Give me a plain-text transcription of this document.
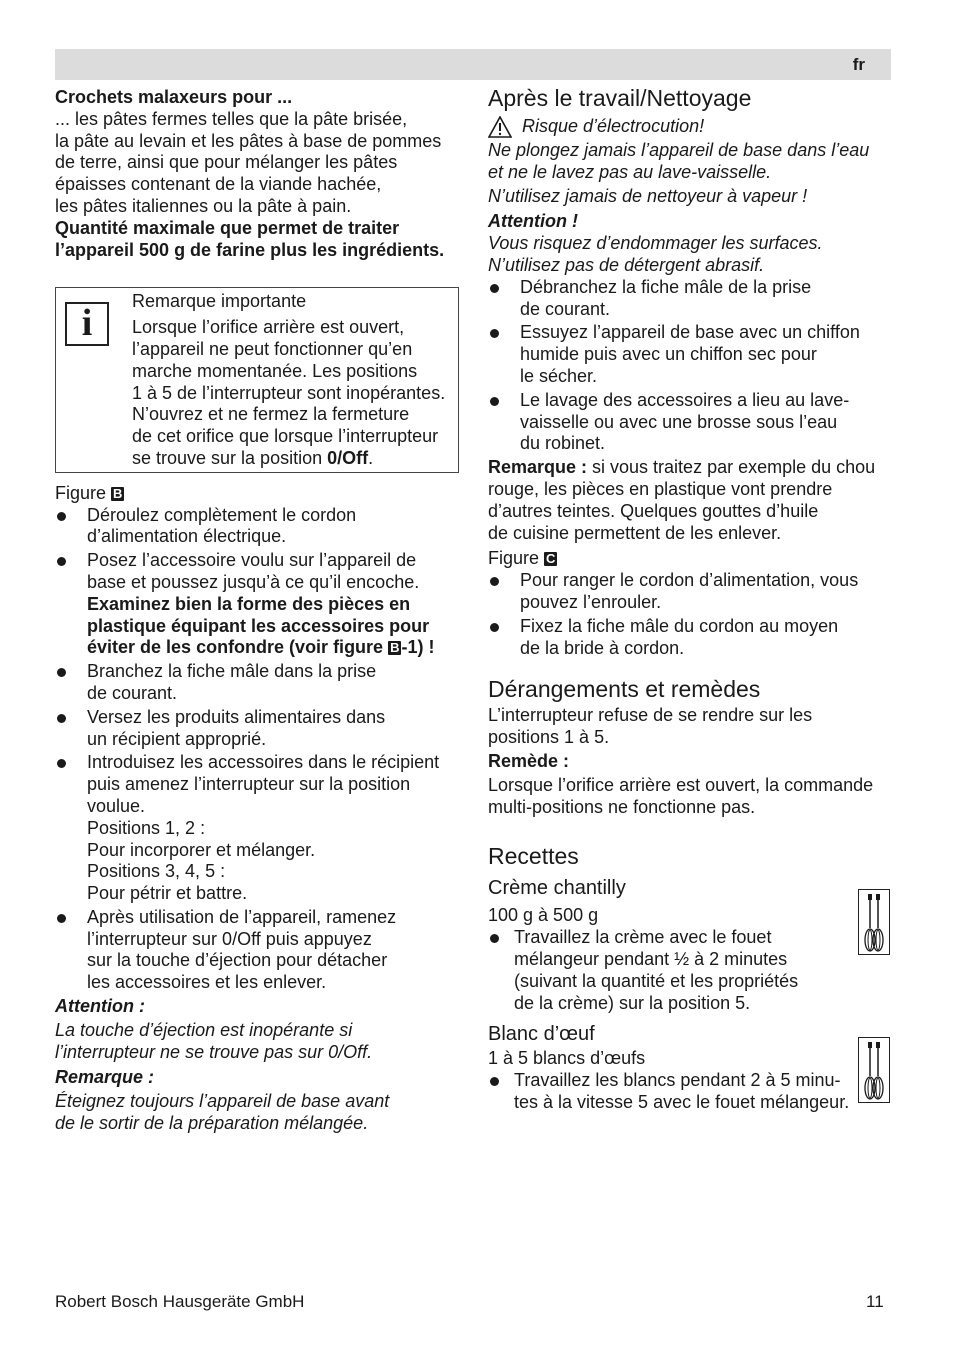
fr

Crochets malaxeurs pour ...

... les pâtes fermes telles que la pâte brisée,

la pâte au levain et les pâtes à base de pommes

de terre, ainsi que pour mélanger les pâtes

épaisses contenant de la viande hachée,

les pâtes italiennes ou la pâte à pain.

Quantité maximale que permet de traiter

l’appareil 500 g de farine plus les ingrédients.

i

Remarque importante

Lorsque l’orifice arrière est ouvert,

l’appareil ne peut fonctionner qu’en

marche momentanée. Les positions

1 à 5 de l’interrupteur sont inopérantes.

N’ouvrez et ne fermez la fermeture

de cet orifice que lorsque l’interrupteur

se trouve sur la position 0/Off.

Figure B

Déroulez complètement le cordon

d’alimentation électrique.

Posez l’accessoire voulu sur l’appareil de

base et poussez jusqu’à ce qu’il encoche.

Examinez bien la forme des pièces en

plastique équipant les accessoires pour

éviter de les confondre (voir figure B -1) !

Branchez la fiche mâle dans la prise

de courant.

Versez les produits alimentaires dans

un récipient approprié.

Introduisez les accessoires dans le récipient

puis amenez l’interrupteur sur la position

voulue.

Positions 1, 2 :

Pour incorporer et mélanger.

Positions 3, 4, 5 :

Pour pétrir et battre.

Après utilisation de l’appareil, ramenez

l’interrupteur sur 0/Off puis appuyez

sur la touche d’éjection pour détacher

les accessoires et les enlever.

Attention :

La touche d’éjection est inopérante si

l’interrupteur ne se trouve pas sur 0/Off.

Remarque :

Éteignez toujours l’appareil de base avant

de le sortir de la préparation mélangée.

Après le travail/Nettoyage

Risque d’électrocution!

Ne plongez jamais l’appareil de base dans l’eau

et ne le lavez pas au lave-vaisselle.

N’utilisez jamais de nettoyeur à vapeur !

Attention !

Vous risquez d’endommager les surfaces.

N’utilisez pas de détergent abrasif.

Débranchez la fiche mâle de la prise

de courant.

Essuyez l’appareil de base avec un chiffon

humide puis avec un chiffon sec pour

le sécher.

Le lavage des accessoires a lieu au lave-

vaisselle ou avec une brosse sous l’eau

du robinet.

Remarque : si vous traitez par exemple du chou

rouge, les pièces en plastique vont prendre

d’autres teintes. Quelques gouttes d’huile

de cuisine permettent de les enlever.

Figure C

Pour ranger le cordon d’alimentation, vous

pouvez l’enrouler.

Fixez la fiche mâle du cordon au moyen

de la bride à cordon.

Dérangements et remèdes

L’interrupteur refuse de se rendre sur les

positions 1 à 5.

Remède :

Lorsque l’orifice arrière est ouvert, la commande

multi-positions ne fonctionne pas.

Recettes

Crème chantilly

100 g à 500 g

Travaillez la crème avec le fouet

mélangeur pendant ½ à 2 minutes

(suivant la quantité et les propriétés

de la crème) sur la position 5.

Blanc d’œuf

1 à 5 blancs d’œufs

Travaillez les blancs pendant 2 à 5 minu-

tes à la vitesse 5 avec le fouet mélangeur.

Robert Bosch Hausgeräte GmbH	11
